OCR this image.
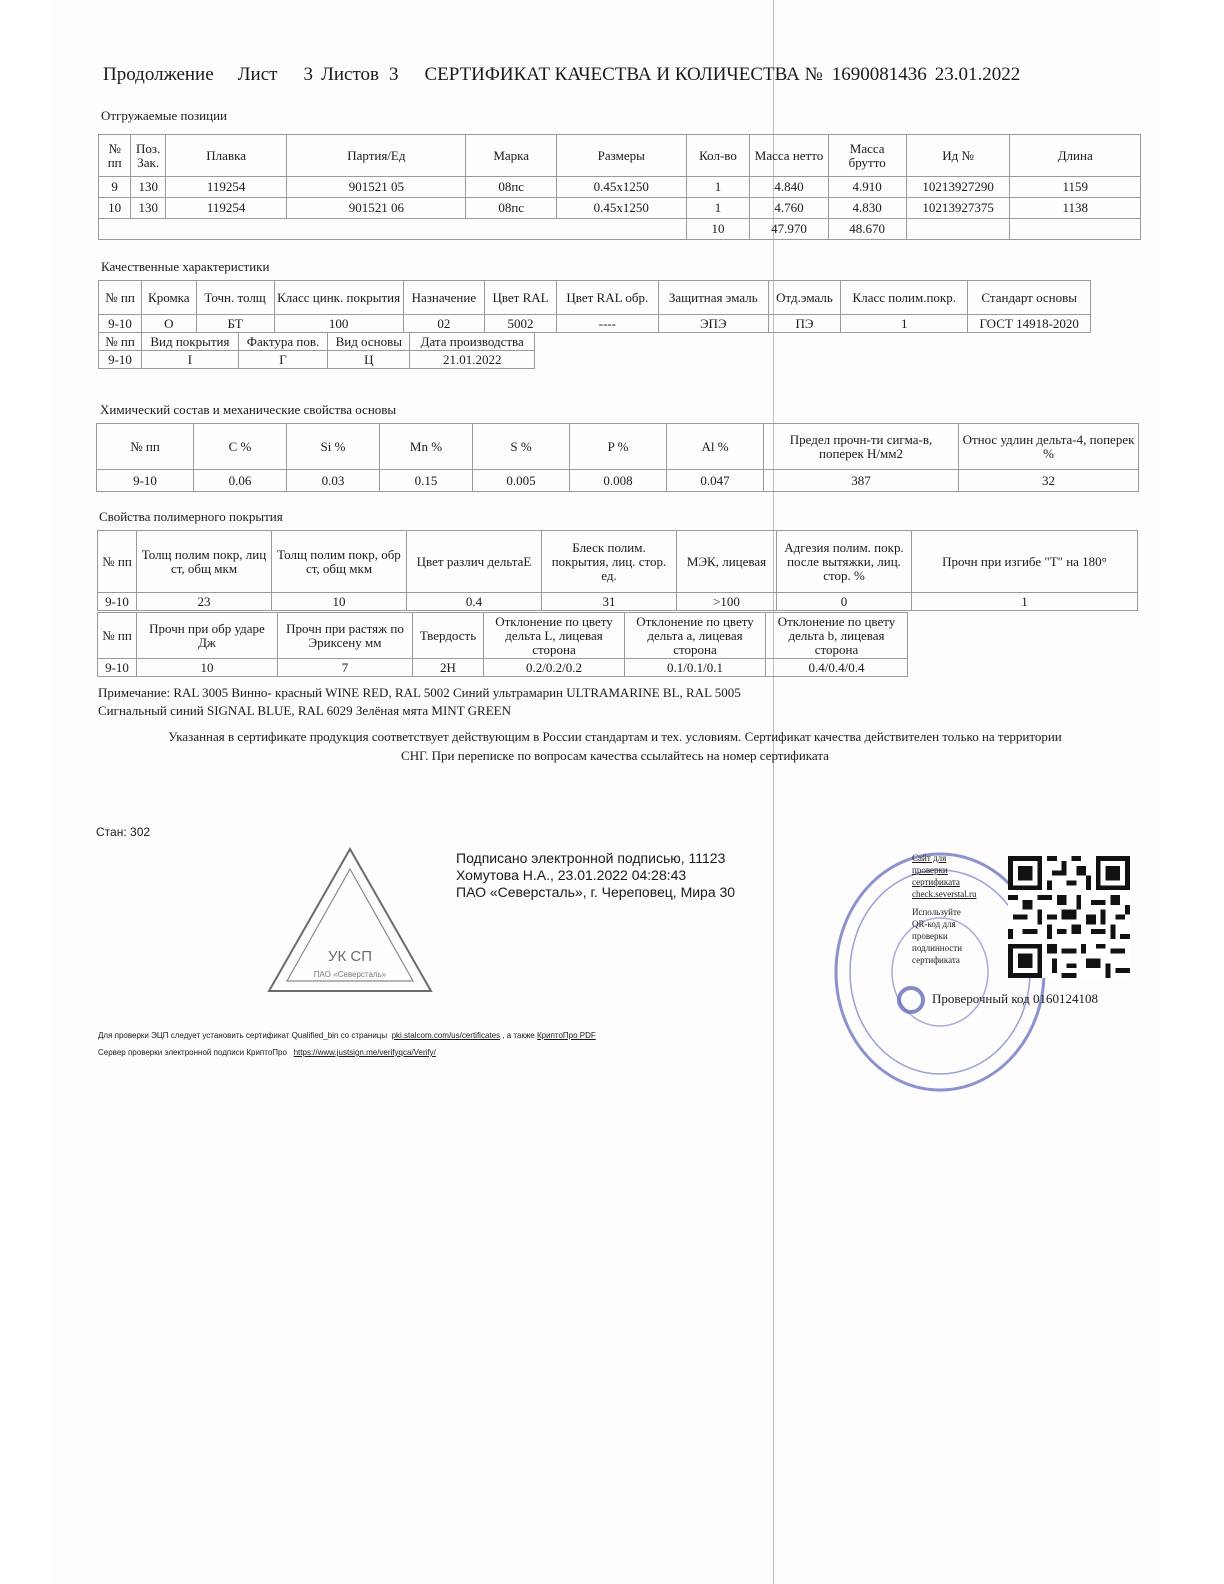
Продолжение Лист 3 Листов 3 СЕРТИФИКАТ КАЧЕСТВА И КОЛИЧЕСТВА № 1690081436 23.01.2022
Отгружаемые позиции
№ пп	Поз. Зак.	Плавка	Партия/Ед	Марка	Размеры	Кол-во	Масса нетто	Масса брутто	Ид №	Длина
9	130	119254	901521 05	08пс	0.45x1250	1	4.840	4.910	10213927290	1159
10	130	119254	901521 06	08пс	0.45x1250	1	4.760	4.830	10213927375	1138
						10	47.970	48.670		
Качественные характеристики
№ пп	Кромка	Точн. толщ	Класс цинк. покрытия	Назначение	Цвет RAL	Цвет RAL обр.	Защитная эмаль	Отд.эмаль	Класс полим.покр.	Стандарт основы
9-10	О	БТ	100	02	5002	----	ЭПЭ	ПЭ	1	ГОСТ 14918-2020
№ пп	Вид покрытия	Фактура пов.	Вид основы	Дата производства
9-10	I	Г	Ц	21.01.2022
Химический состав и механические свойства основы
№ пп	C %	Si %	Mn %	S %	P %	Al %	Предел прочн-ти сигма-в, поперек Н/мм2	Относ удлин дельта-4, поперек %
9-10	0.06	0.03	0.15	0.005	0.008	0.047	387	32
Свойства полимерного покрытия
№ пп	Толщ полим покр, лиц ст, общ мкм	Толщ полим покр, обр ст, общ мкм	Цвет различ дельтаE	Блеск полим. покрытия, лиц. стор. ед.	МЭК, лицевая	Адгезия полим. покр. после вытяжки, лиц. стор. %	Прочн при изгибе "Т" на 180°
9-10	23	10	0.4	31	>100	0	1
№ пп	Прочн при обр ударе Дж	Прочн при растяж по Эриксену мм	Твердость	Отклонение по цвету дельта L, лицевая сторона	Отклонение по цвету дельта а, лицевая сторона	Отклонение по цвету дельта b, лицевая сторона
9-10	10	7	2H	0.2/0.2/0.2	0.1/0.1/0.1	0.4/0.4/0.4
Примечание: RAL 3005 Винно- красный WINE RED, RAL 5002 Синий ультрамарин ULTRAMARINE BL, RAL 5005
Сигнальный синий SIGNAL BLUE, RAL 6029 Зелёная мята MINT GREEN
Указанная в сертификате продукция соответствует действующим в России стандартам и тех. условиям. Сертификат качества действителен только на территории
СНГ. При переписке по вопросам качества ссылайтесь на номер сертификата
Стан: 302
УК СП
ПАО «Северсталь»
Подписано электронной подписью, 11123
Хомутова Н.А., 23.01.2022 04:28:43
ПАО «Северсталь», г. Череповец, Мира 30
Сайт для
проверки
сертификата
check.severstal.ru
Используйте
QR-код для
проверки
подлинности
сертификата
Проверочный код 0160124108
Для проверки ЭЦП следует установить сертификат Qualified_bin со страницы pki.stalcom.com/us/certificates , а также КриптоПро PDF
Сервер проверки электронной подписи КриптоПро https://www.justsign.me/verifyqca/Verify/
